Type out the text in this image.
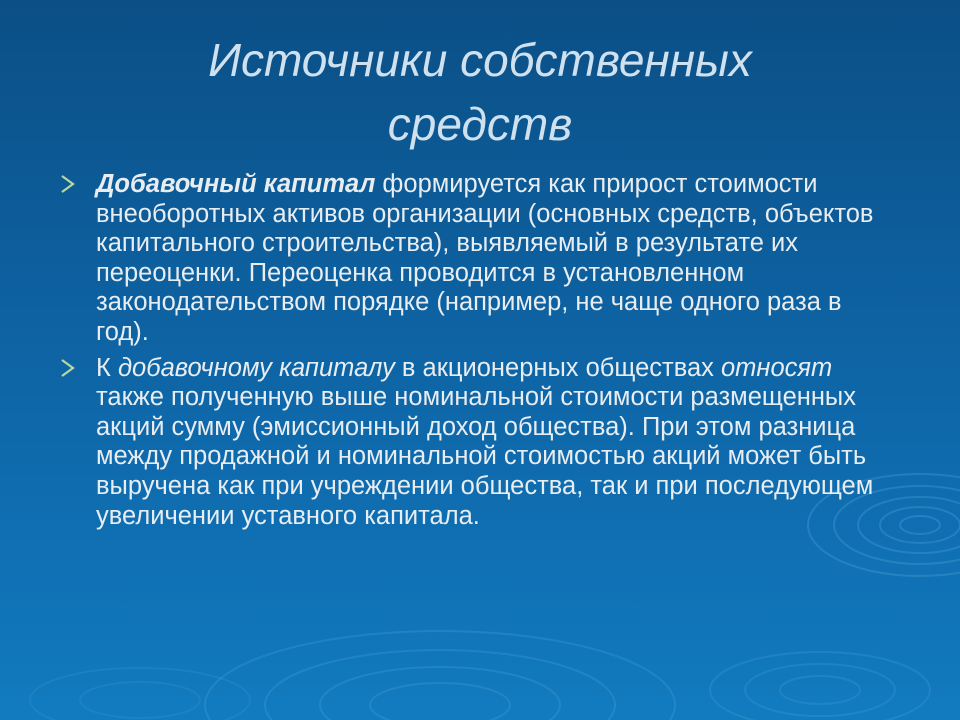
Источники собственных
средств
Добавочный капитал формируется как прирост стоимости внеоборотных активов организации (основных средств, объектов капитального строительства), выявляемый в результате их переоценки. Переоценка проводится в установленном законодательством порядке (например, не чаще одного раза в год).
К добавочному капиталу в акционерных обществах относят также полученную выше номинальной стоимости размещенных акций сумму (эмиссионный доход общества). При этом разница между продажной и номинальной стоимостью акций может быть выручена как при учреждении общества, так и при последующем увеличении уставного капитала.
